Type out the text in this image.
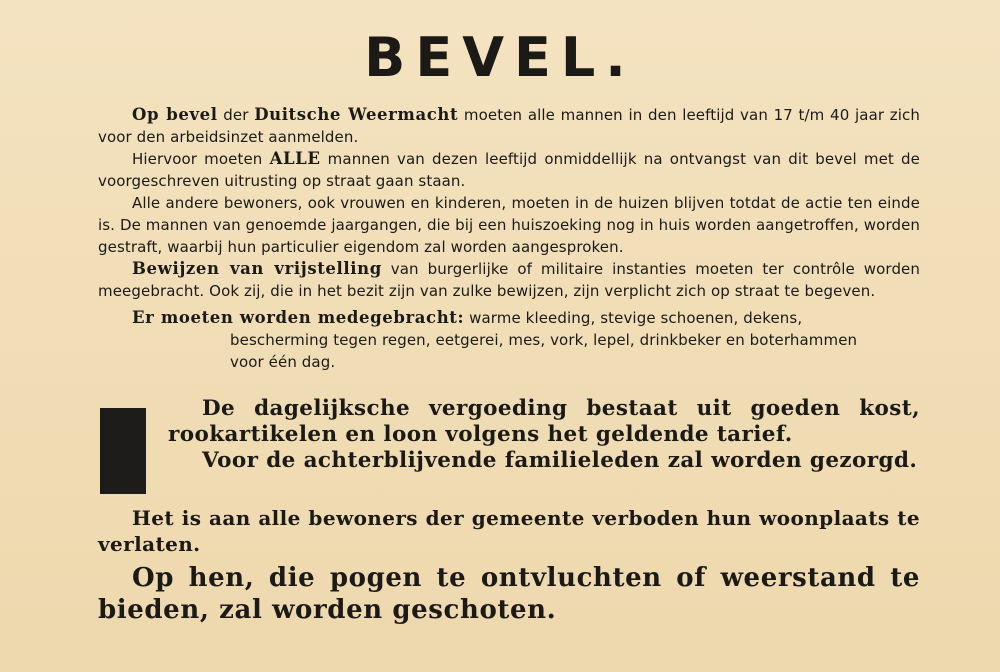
BEVEL.

Op bevel der Duitsche Weermacht moeten alle mannen in den leeftijd van 17 t/m 40 jaar zich voor den arbeidsinzet aanmelden.

Hiervoor moeten ALLE mannen van dezen leeftijd onmiddellijk na ontvangst van dit bevel met de voorgeschreven uitrusting op straat gaan staan.

Alle andere bewoners, ook vrouwen en kinderen, moeten in de huizen blijven totdat de actie ten einde is. De mannen van genoemde jaargangen, die bij een huiszoeking nog in huis worden aangetroffen, worden gestraft, waarbij hun particulier eigendom zal worden aangesproken.

Bewijzen van vrijstelling van burgerlijke of militaire instanties moeten ter contrôle worden meegebracht. Ook zij, die in het bezit zijn van zulke bewijzen, zijn verplicht zich op straat te begeven.

Er moeten worden medegebracht: warme kleeding, stevige schoenen, dekens,
bescherming tegen regen, eetgerei, mes, vork, lepel, drinkbeker en boterhammen
voor één dag.

De dagelijksche vergoeding bestaat uit goeden kost, rookartikelen en loon volgens het geldende tarief.

Voor de achterblijvende familieleden zal worden gezorgd.

Het is aan alle bewoners der gemeente verboden hun woonplaats te verlaten.

Op hen, die pogen te ontvluchten of weerstand te bieden, zal worden geschoten.
